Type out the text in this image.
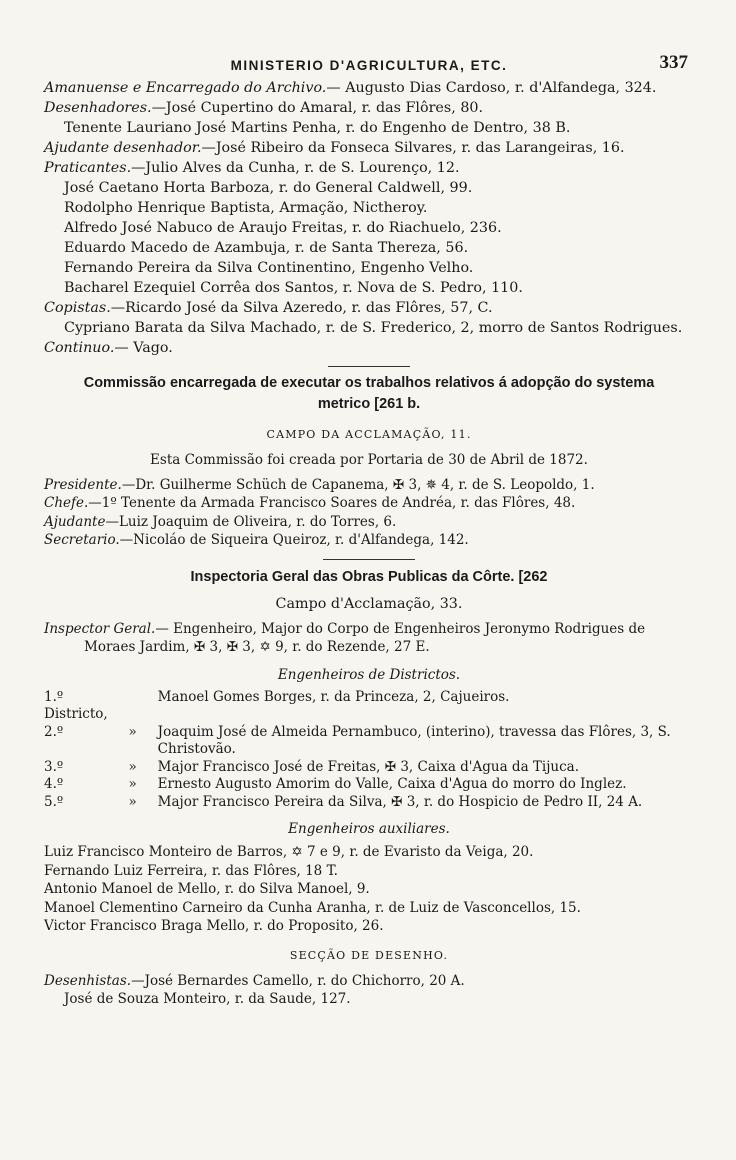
MINISTERIO D'AGRICULTURA, ETC.	337
Amanuense e Encarregado do Archivo.— Augusto Dias Cardoso, r. d'Alfandega, 324.
Desenhadores.—José Cupertino do Amaral, r. das Flôres, 80.
Tenente Lauriano José Martins Penha, r. do Engenho de Dentro, 38 B.
Ajudante desenhador.—José Ribeiro da Fonseca Silvares, r. das Larangeiras, 16.
Praticantes.—Julio Alves da Cunha, r. de S. Lourenço, 12.
José Caetano Horta Barboza, r. do General Caldwell, 99.
Rodolpho Henrique Baptista, Armação, Nictheroy.
Alfredo José Nabuco de Araujo Freitas, r. do Riachuelo, 236.
Eduardo Macedo de Azambuja, r. de Santa Thereza, 56.
Fernando Pereira da Silva Continentino, Engenho Velho.
Bacharel Ezequiel Corrêa dos Santos, r. Nova de S. Pedro, 110.
Copistas.—Ricardo José da Silva Azeredo, r. das Flôres, 57, C.
Cypriano Barata da Silva Machado, r. de S. Frederico, 2, morro de Santos Rodrigues.
Continuo.— Vago.
Commissão encarregada de executar os trabalhos relativos á adopção do systema
metrico [261 b.
CAMPO DA ACCLAMAÇÃO, 11.
Esta Commissão foi creada por Portaria de 30 de Abril de 1872.
Presidente.—Dr. Guilherme Schüch de Capanema, ✠ 3, ✵ 4, r. de S. Leopoldo, 1.
Chefe.—1º Tenente da Armada Francisco Soares de Andréa, r. das Flôres, 48.
Ajudante—Luiz Joaquim de Oliveira, r. do Torres, 6.
Secretario.—Nicoláo de Siqueira Queiroz, r. d'Alfandega, 142.
Inspectoria Geral das Obras Publicas da Côrte. [262
Campo d'Acclamação, 33.
Inspector Geral.— Engenheiro, Major do Corpo de Engenheiros Jeronymo Rodrigues de Moraes Jardim, ✠ 3, ✠ 3, ✡ 9, r. do Rezende, 27 E.
Engenheiros de Districtos.
1.º Districto,		Manoel Gomes Borges, r. da Princeza, 2, Cajueiros.
2.º	»	Joaquim José de Almeida Pernambuco, (interino), travessa das Flôres, 3, S. Christovão.
3.º	»	Major Francisco José de Freitas, ✠ 3, Caixa d'Agua da Tijuca.
4.º	»	Ernesto Augusto Amorim do Valle, Caixa d'Agua do morro do Inglez.
5.º	»	Major Francisco Pereira da Silva, ✠ 3, r. do Hospicio de Pedro II, 24 A.
Engenheiros auxiliares.
Luiz Francisco Monteiro de Barros, ✡ 7 e 9, r. de Evaristo da Veiga, 20.
Fernando Luiz Ferreira, r. das Flôres, 18 T.
Antonio Manoel de Mello, r. do Silva Manoel, 9.
Manoel Clementino Carneiro da Cunha Aranha, r. de Luiz de Vasconcellos, 15.
Victor Francisco Braga Mello, r. do Proposito, 26.
SECÇÃO DE DESENHO.
Desenhistas.—José Bernardes Camello, r. do Chichorro, 20 A.
José de Souza Monteiro, r. da Saude, 127.
